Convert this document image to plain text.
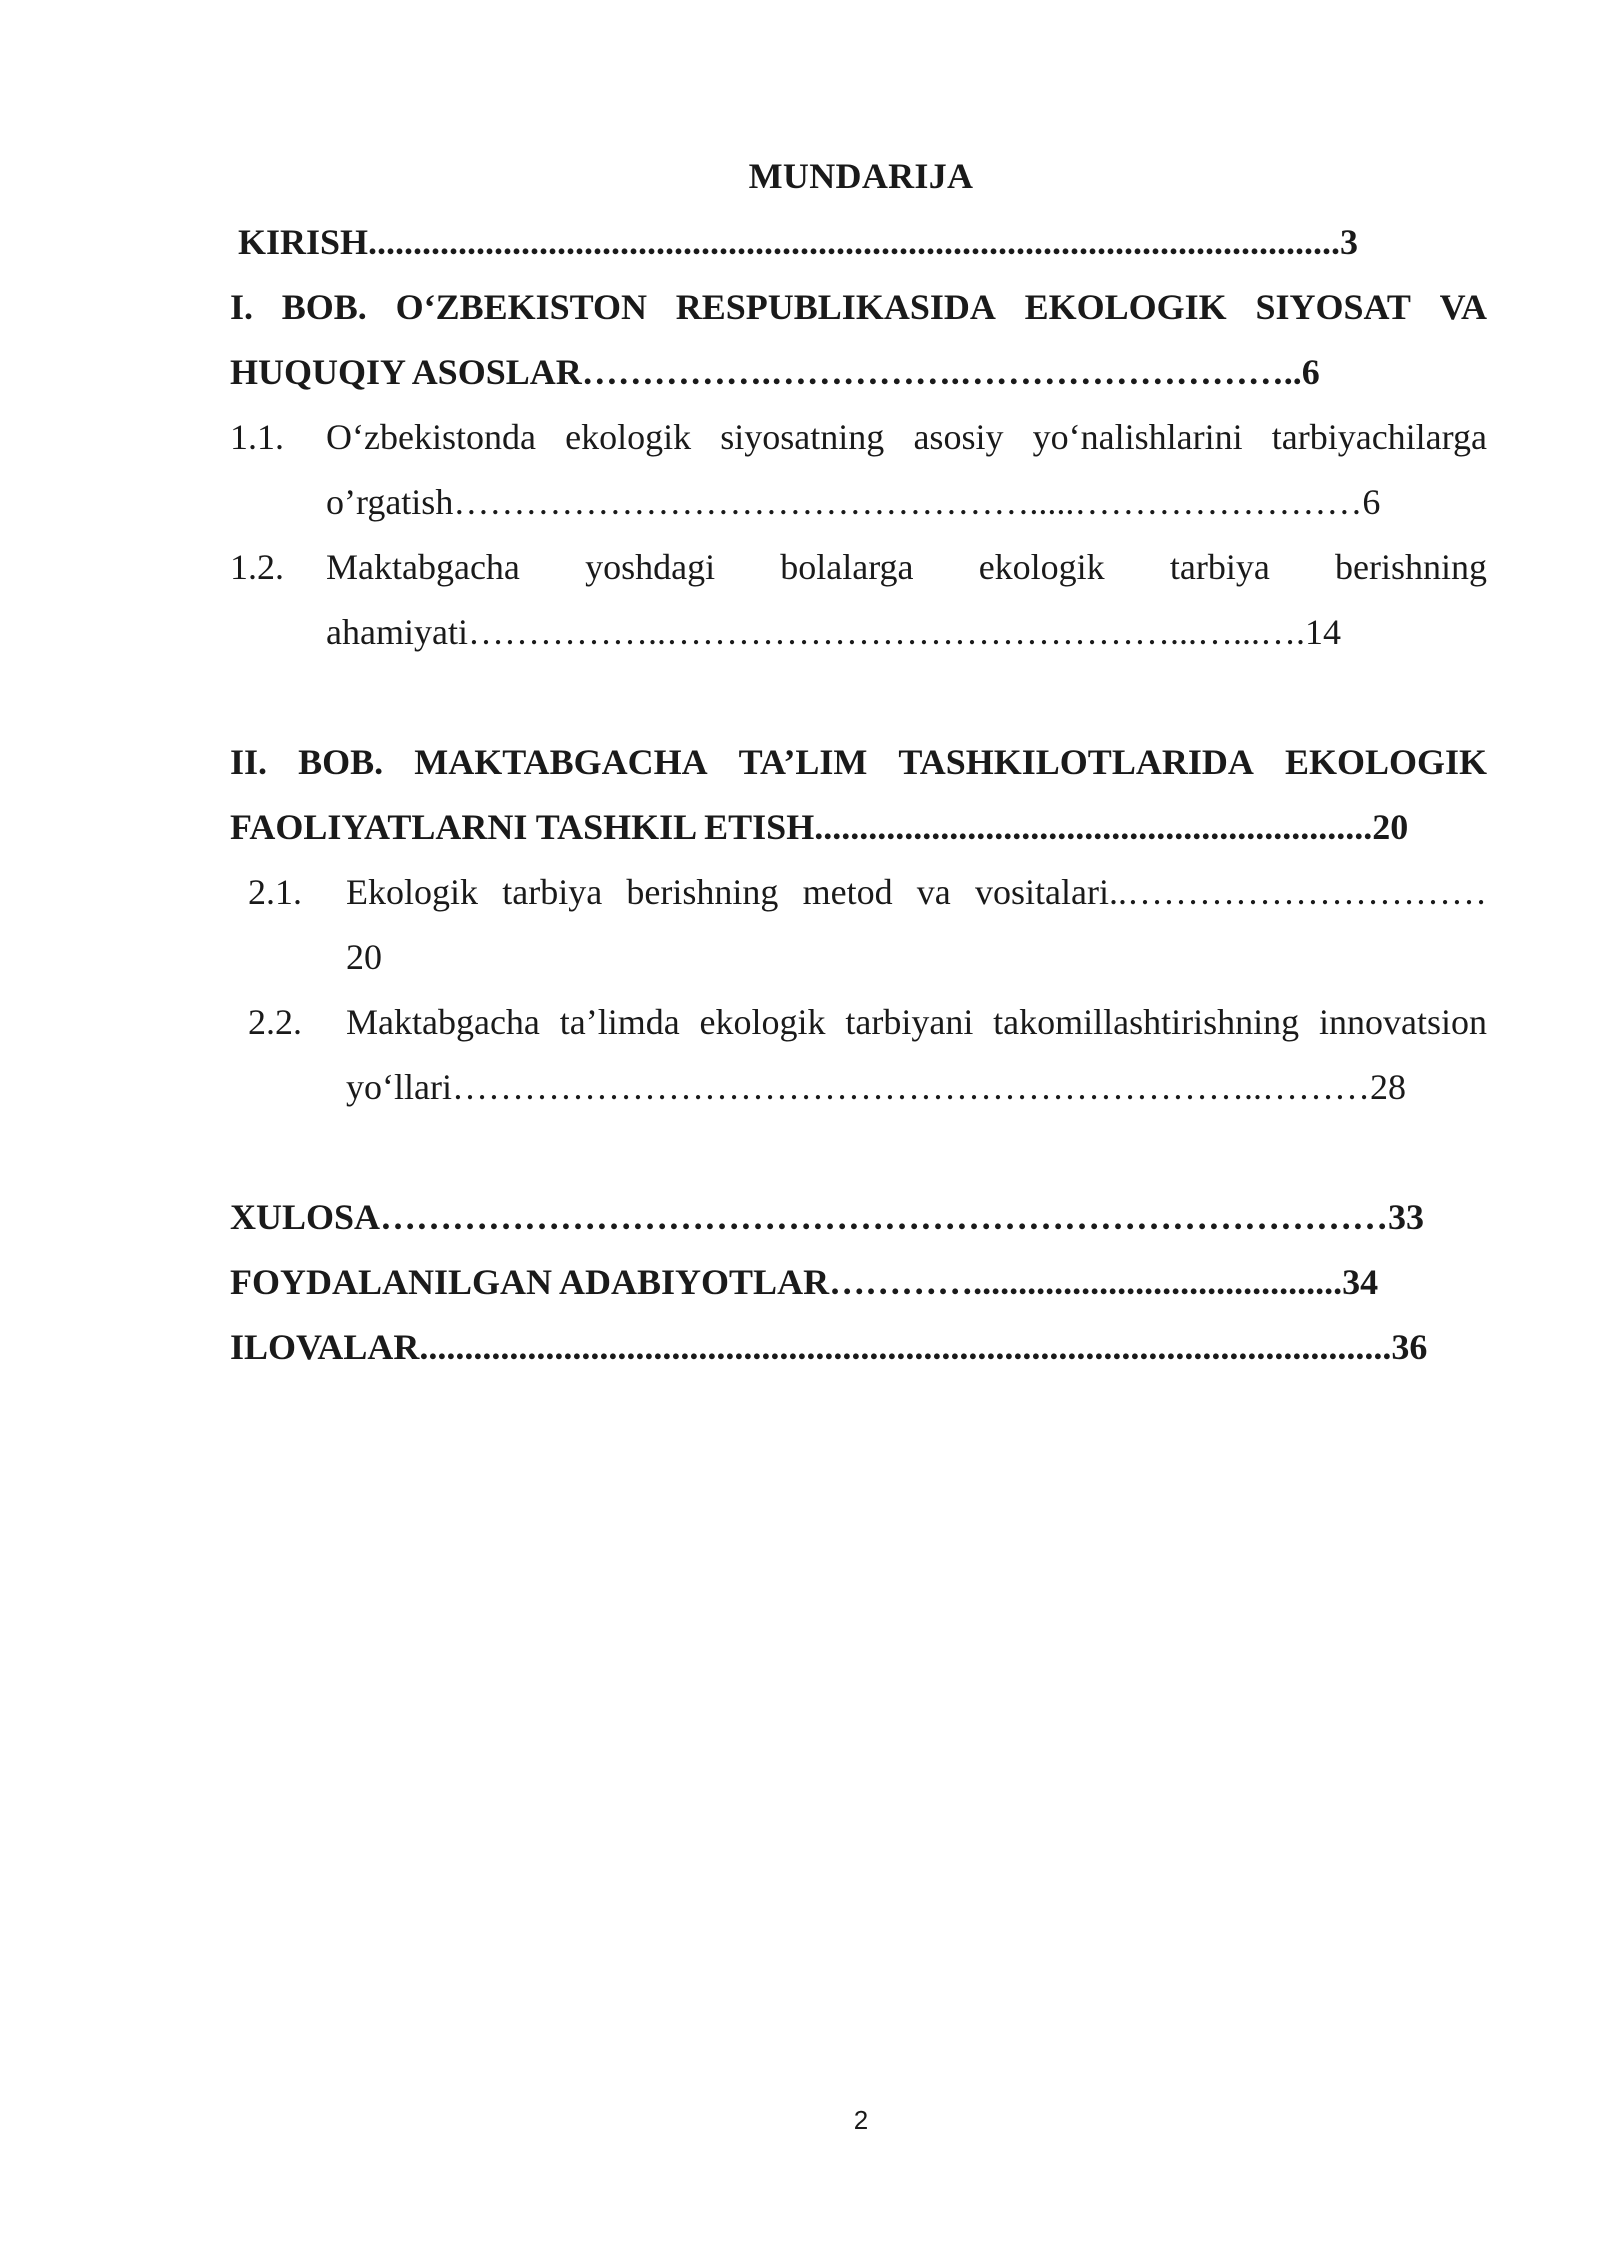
MUNDARIJA
KIRISH............................................................................................................3
I. BOB. O‘ZBEKISTON RESPUBLIKASIDA EKOLOGIK SIYOSAT VA
HUQUQIY ASOSLAR…………….…………….………………………..6
1.1. O‘zbekistonda ekologik siyosatning asosiy yo‘nalishlarini tarbiyachilarga
o’rgatish………………………………………….....……………………6
1.2. Maktabgacha yoshdagi bolalarga ekologik tarbiya berishning
ahamiyati……………..……………………………………...…...….14
II. BOB. MAKTABGACHA TA’LIM TASHKILOTLARIDA EKOLOGIK
FAOLIYATLARNI TASHKIL ETISH..............................................................20
2.1. Ekologik tarbiya berishning metod va vositalari..…………………………
20
2.2. Maktabgacha ta’limda ekologik tarbiyani takomillashtirishning innovatsion
yo‘llari…………………………………………………………..………28
XULOSA…………………………………………………………………………33
FOYDALANILGAN ADABIYOTLAR………….........................................34
ILOVALAR............................................................................................................36
2
